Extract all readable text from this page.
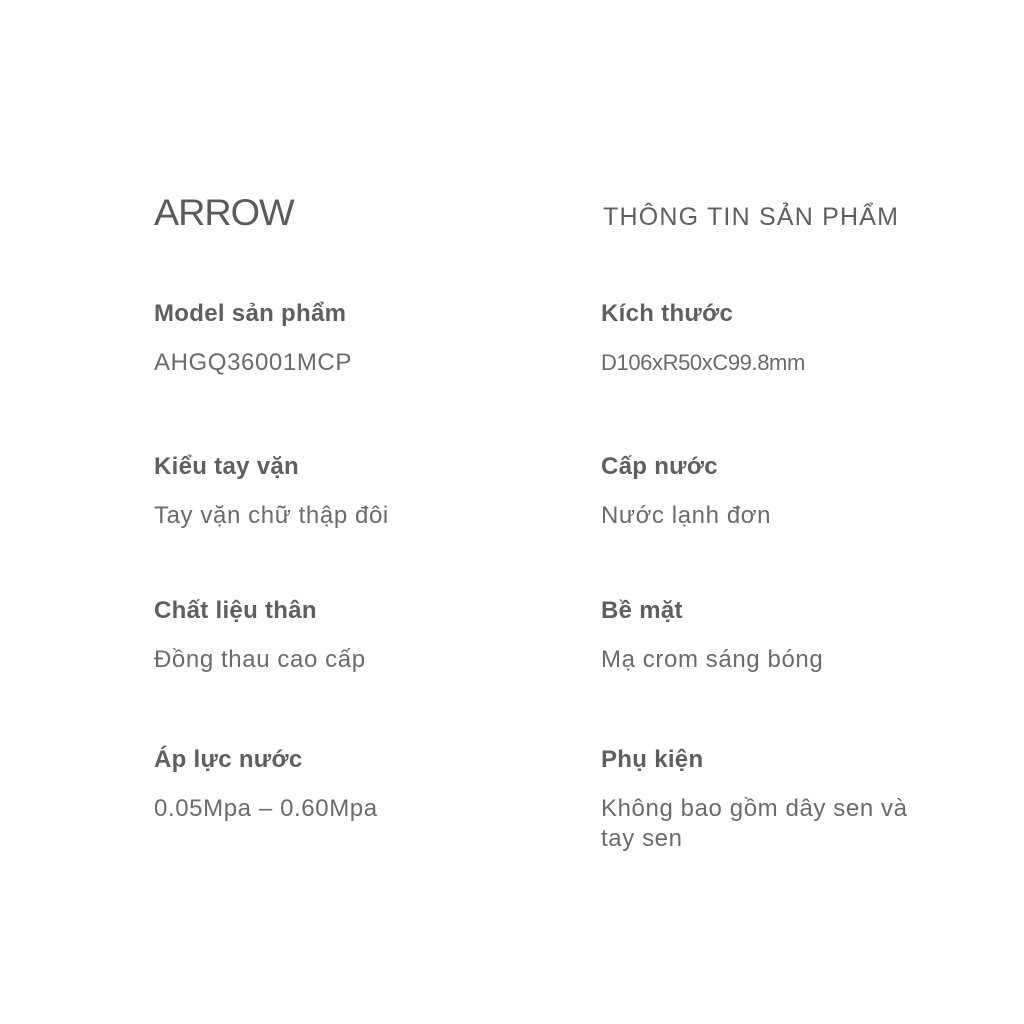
ARROW	THÔNG TIN SẢN PHẨM
Model sản phẩm
AHGQ36001MCP
Kích thước
D106xR50xC99.8mm
Kiểu tay vặn
Tay vặn chữ thập đôi
Cấp nước
Nước lạnh đơn
Chất liệu thân
Đồng thau cao cấp
Bề mặt
Mạ crom sáng bóng
Áp lực nước
0.05Mpa – 0.60Mpa
Phụ kiện
Không bao gồm dây sen và tay sen
